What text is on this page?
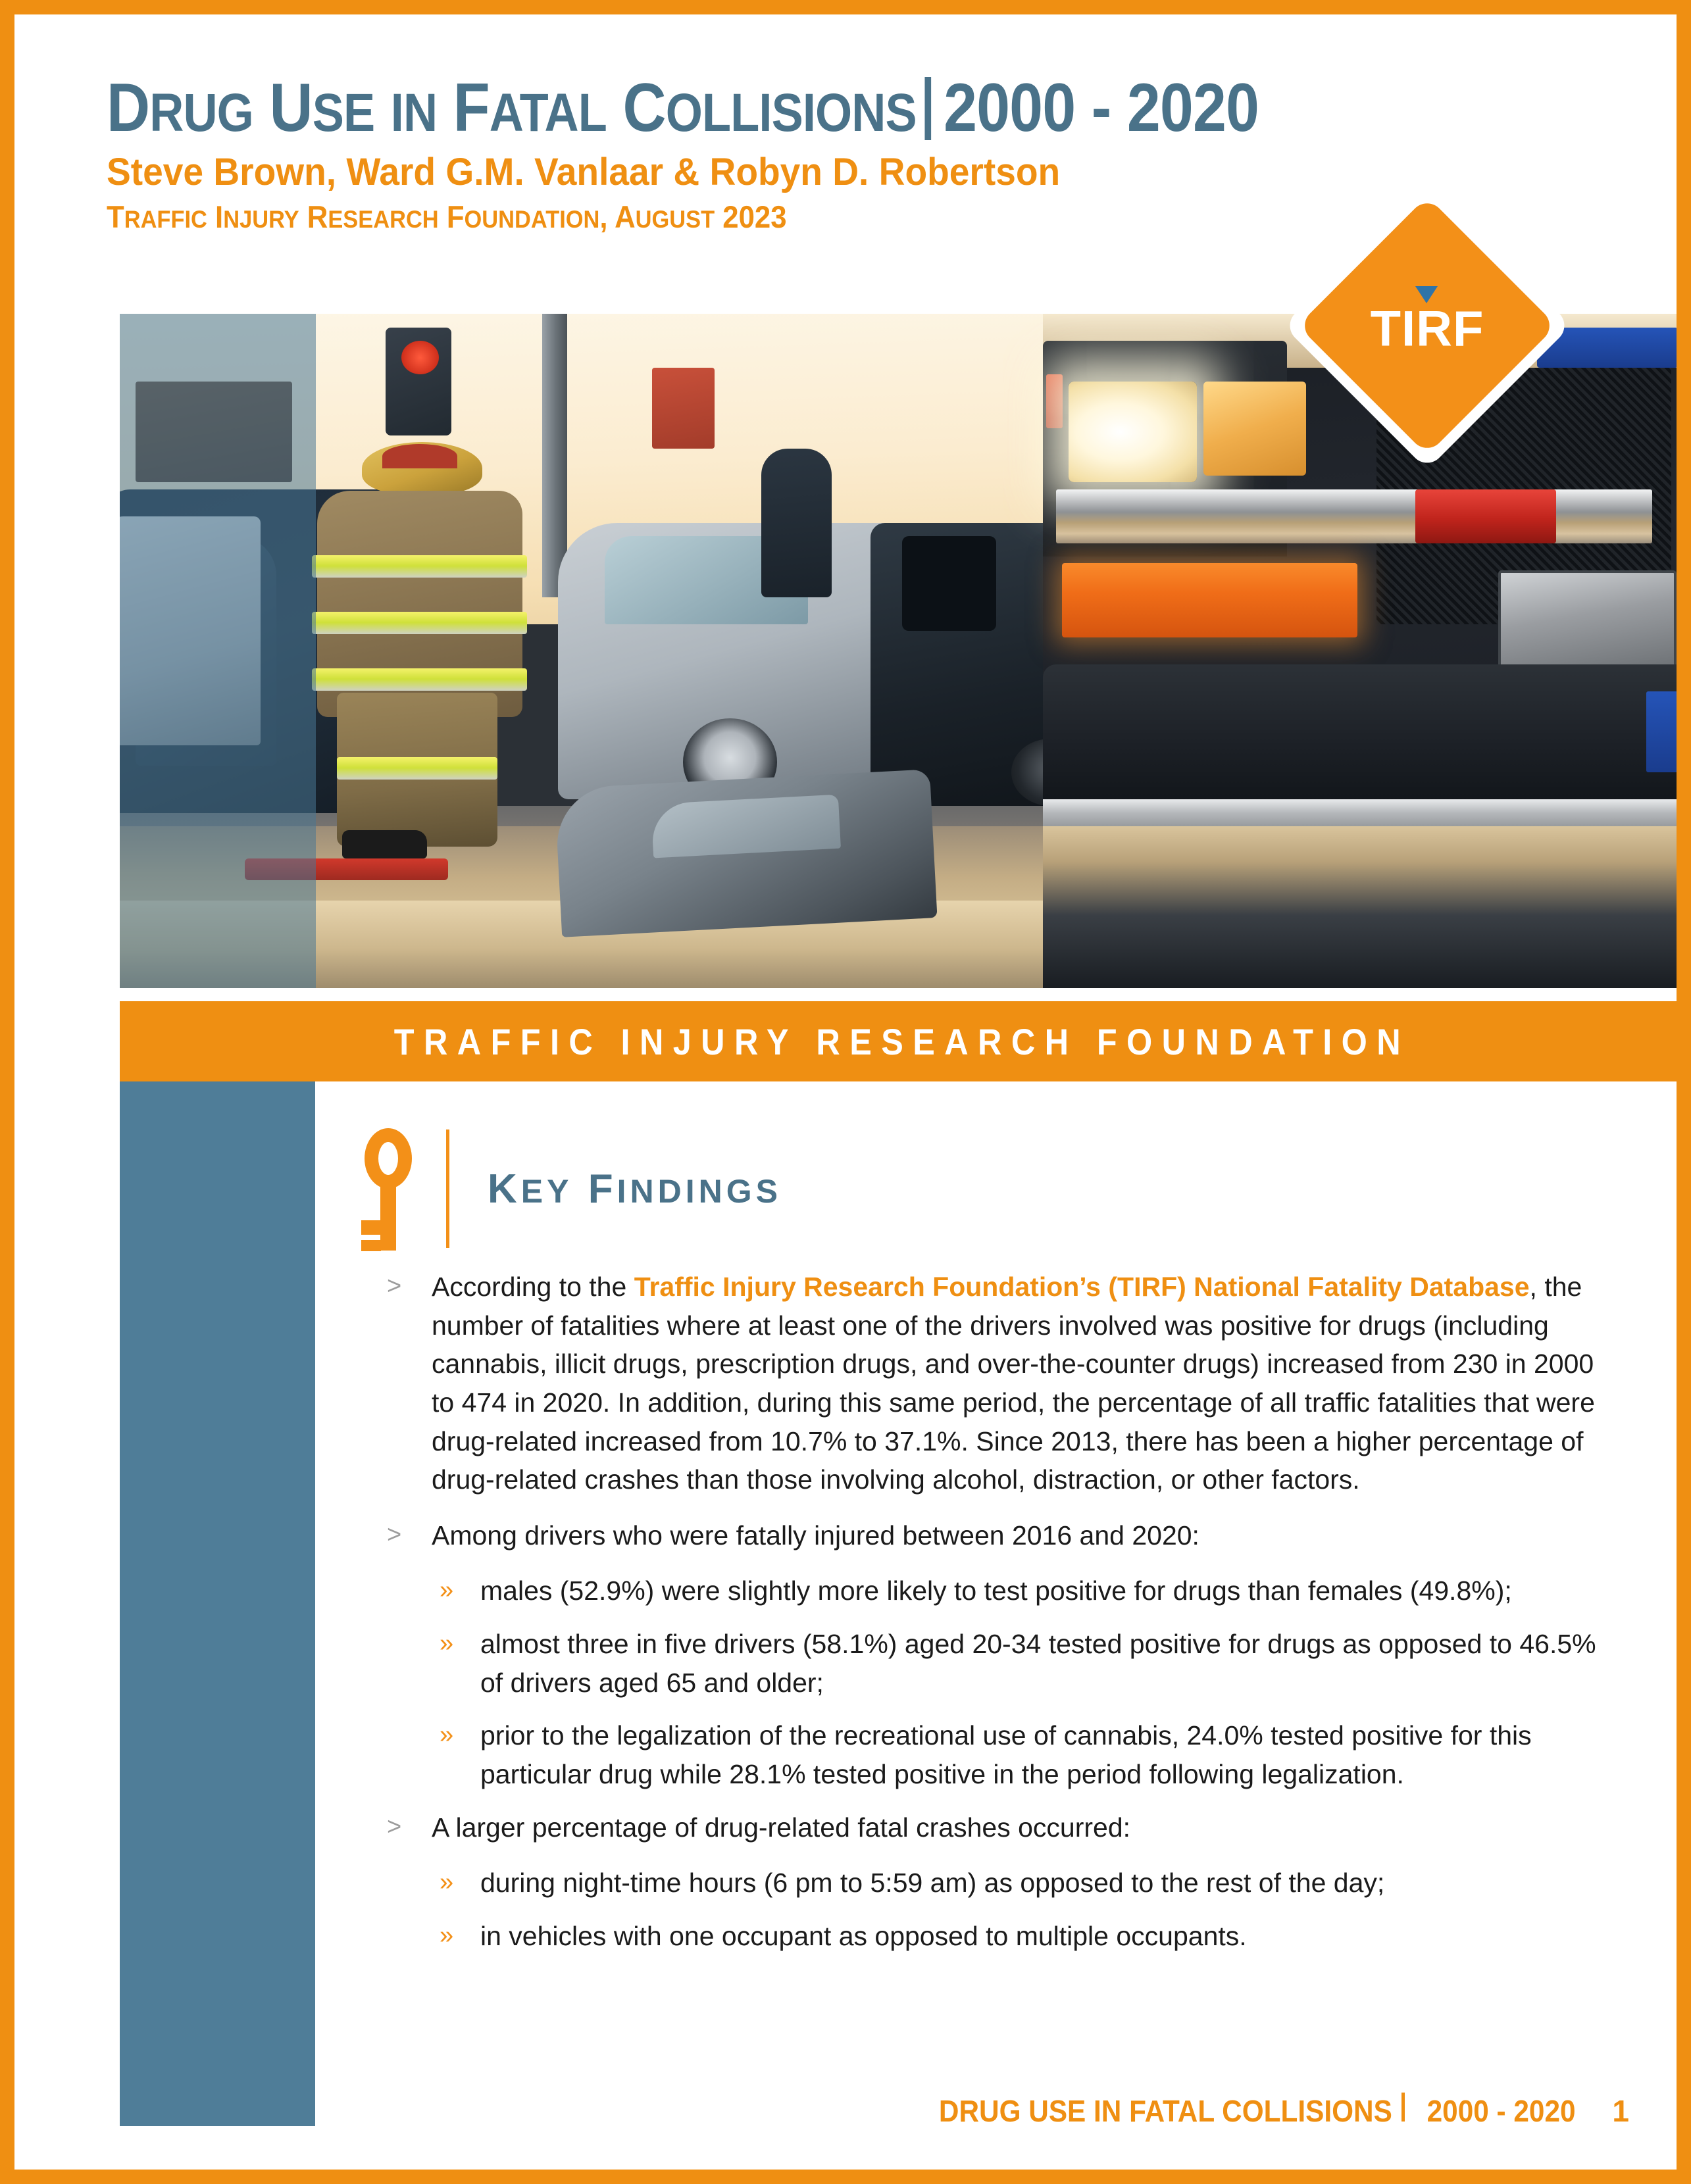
DRUG USE IN FATAL COLLISIONS 2000 - 2020
Steve Brown, Ward G.M. Vanlaar & Robyn D. Robertson
TRAFFIC INJURY RESEARCH FOUNDATION, AUGUST 2023
TIRF
TRAFFIC INJURY RESEARCH FOUNDATION
KEY FINDINGS
> According to the Traffic Injury Research Foundation’s (TIRF) National Fatality Database, the number of fatalities where at least one of the drivers involved was positive for drugs (including cannabis, illicit drugs, prescription drugs, and over-the-counter drugs) increased from 230 in 2000 to 474 in 2020. In addition, during this same period, the percentage of all traffic fatalities that were drug-related increased from 10.7% to 37.1%. Since 2013, there has been a higher percentage of drug-related crashes than those involving alcohol, distraction, or other factors.
> Among drivers who were fatally injured between 2016 and 2020:
» males (52.9%) were slightly more likely to test positive for drugs than females (49.8%);
» almost three in five drivers (58.1%) aged 20-34 tested positive for drugs as opposed to 46.5% of drivers aged 65 and older;
» prior to the legalization of the recreational use of cannabis, 24.0% tested positive for this particular drug while 28.1% tested positive in the period following legalization.
> A larger percentage of drug-related fatal crashes occurred:
» during night-time hours (6 pm to 5:59 am) as opposed to the rest of the day;
» in vehicles with one occupant as opposed to multiple occupants.
DRUG USE IN FATAL COLLISIONS 2000 - 2020 1
